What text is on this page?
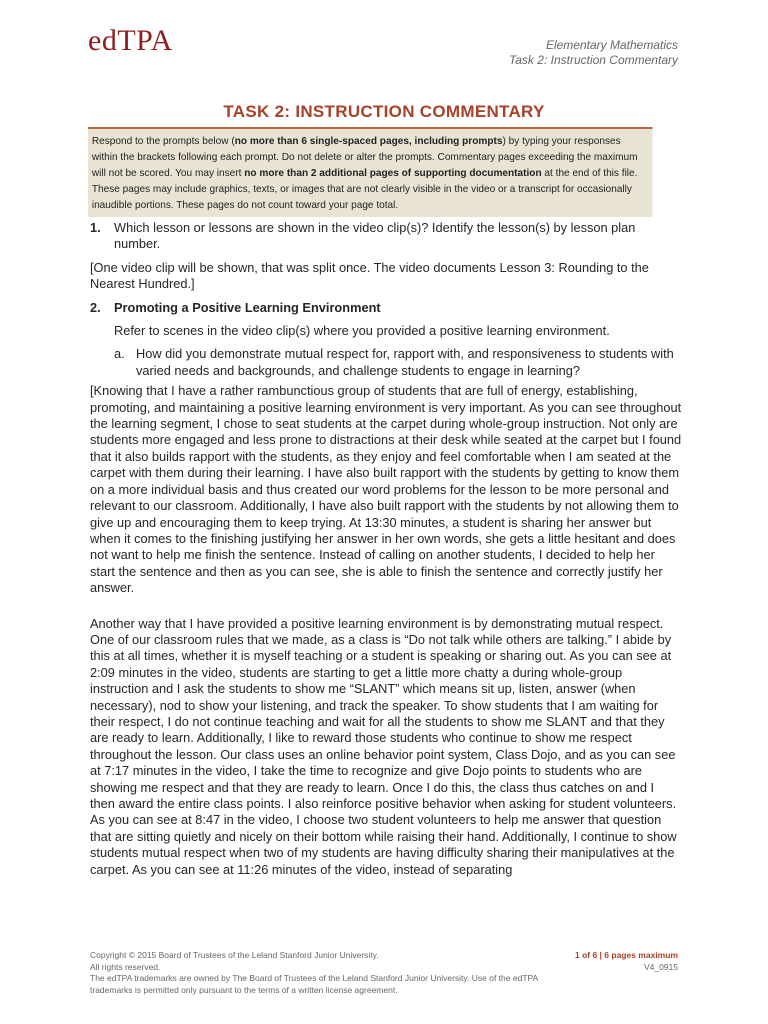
edTPA	Elementary Mathematics
Task 2: Instruction Commentary
TASK 2: INSTRUCTION COMMENTARY
Respond to the prompts below (no more than 6 single-spaced pages, including prompts) by typing your responses within the brackets following each prompt. Do not delete or alter the prompts. Commentary pages exceeding the maximum will not be scored. You may insert no more than 2 additional pages of supporting documentation at the end of this file. These pages may include graphics, texts, or images that are not clearly visible in the video or a transcript for occasionally inaudible portions. These pages do not count toward your page total.
1.	Which lesson or lessons are shown in the video clip(s)? Identify the lesson(s) by lesson plan number.

[One video clip will be shown, that was split once. The video documents Lesson 3: Rounding to the Nearest Hundred.]

2.	Promoting a Positive Learning Environment

Refer to scenes in the video clip(s) where you provided a positive learning environment.

a. How did you demonstrate mutual respect for, rapport with, and responsiveness to students with varied needs and backgrounds, and challenge students to engage in learning?

[Knowing that I have a rather rambunctious group of students that are full of energy, establishing, promoting, and maintaining a positive learning environment is very important. As you can see throughout the learning segment, I chose to seat students at the carpet during whole-group instruction. Not only are students more engaged and less prone to distractions at their desk while seated at the carpet but I found that it also builds rapport with the students, as they enjoy and feel comfortable when I am seated at the carpet with them during their learning. I have also built rapport with the students by getting to know them on a more individual basis and thus created our word problems for the lesson to be more personal and relevant to our classroom. Additionally, I have also built rapport with the students by not allowing them to give up and encouraging them to keep trying. At 13:30 minutes, a student is sharing her answer but when it comes to the finishing justifying her answer in her own words, she gets a little hesitant and does not want to help me finish the sentence. Instead of calling on another students, I decided to help her start the sentence and then as you can see, she is able to finish the sentence and correctly justify her answer.

Another way that I have provided a positive learning environment is by demonstrating mutual respect. One of our classroom rules that we made, as a class is “Do not talk while others are talking.” I abide by this at all times, whether it is myself teaching or a student is speaking or sharing out. As you can see at 2:09 minutes in the video, students are starting to get a little more chatty a during whole-group instruction and I ask the students to show me “SLANT” which means sit up, listen, answer (when necessary), nod to show your listening, and track the speaker. To show students that I am waiting for their respect, I do not continue teaching and wait for all the students to show me SLANT and that they are ready to learn. Additionally, I like to reward those students who continue to show me respect throughout the lesson. Our class uses an online behavior point system, Class Dojo, and as you can see at 7:17 minutes in the video, I take the time to recognize and give Dojo points to students who are showing me respect and that they are ready to learn. Once I do this, the class thus catches on and I then award the entire class points. I also reinforce positive behavior when asking for student volunteers. As you can see at 8:47 in the video, I choose two student volunteers to help me answer that question that are sitting quietly and nicely on their bottom while raising their hand. Additionally, I continue to show students mutual respect when two of my students are having difficulty sharing their manipulatives at the carpet. As you can see at 11:26 minutes of the video, instead of separating

Copyright © 2015 Board of Trustees of the Leland Stanford Junior University.
All rights reserved.
The edTPA trademarks are owned by The Board of Trustees of the Leland Stanford Junior University. Use of the edTPA trademarks is permitted only pursuant to the terms of a written license agreement.
1 of 6 | 6 pages maximum
V4_0915
